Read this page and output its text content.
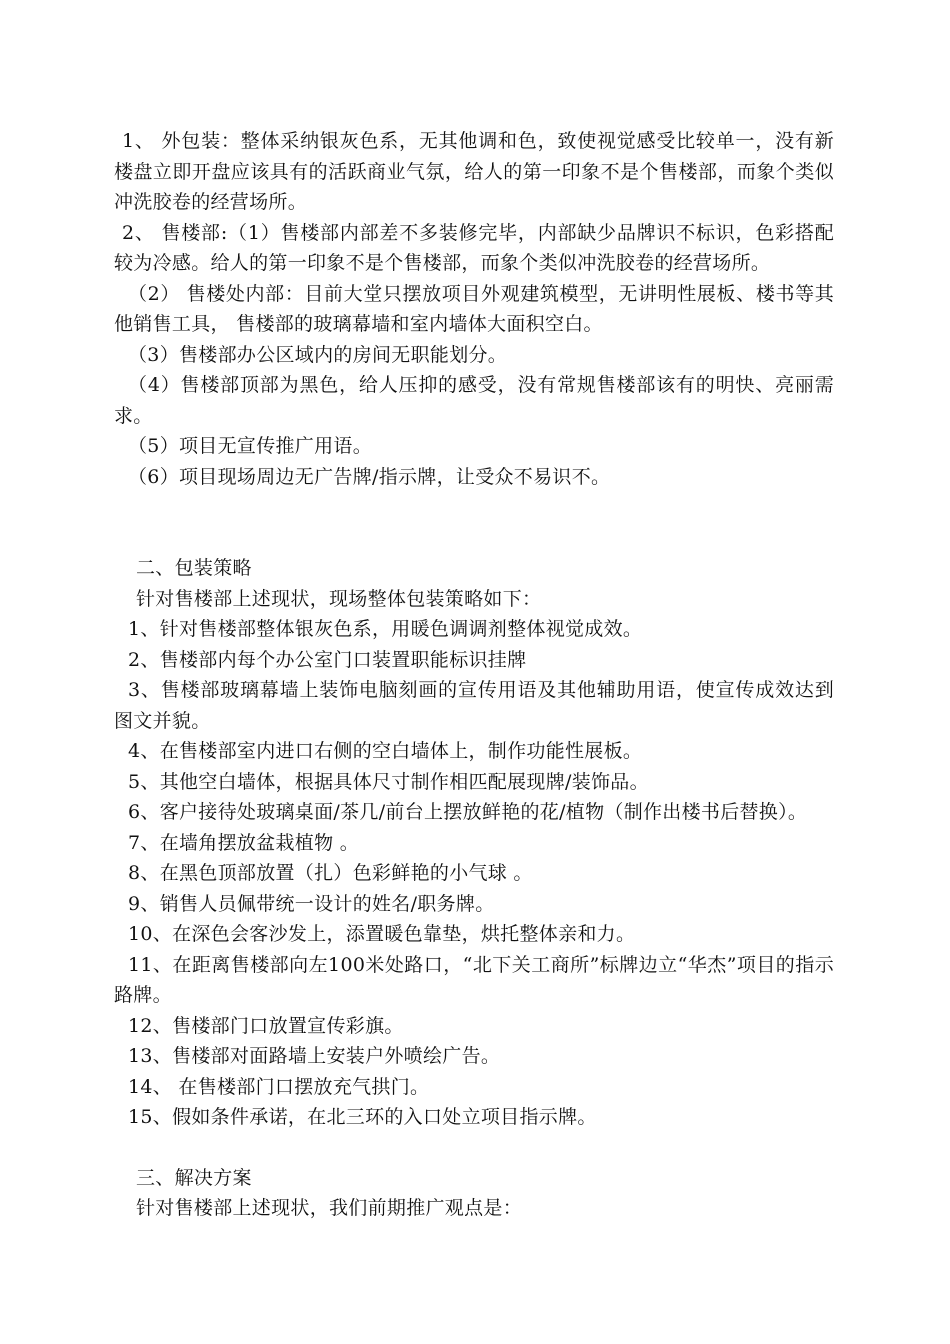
1、 外包装：整体采纳银灰色系，无其他调和色，致使视觉感受比较单一，没有新楼盘立即开盘应该具有的活跃商业气氛，给人的第一印象不是个售楼部，而象个类似冲洗胶卷的经营场所。

2、 售楼部:（1）售楼部内部差不多装修完毕，内部缺少品牌识不标识，色彩搭配较为冷感。给人的第一印象不是个售楼部，而象个类似冲洗胶卷的经营场所。

（2） 售楼处内部：目前大堂只摆放项目外观建筑模型，无讲明性展板、楼书等其他销售工具， 售楼部的玻璃幕墙和室内墙体大面积空白。

（3）售楼部办公区域内的房间无职能划分。

（4）售楼部顶部为黑色，给人压抑的感受，没有常规售楼部该有的明快、亮丽需求。

（5）项目无宣传推广用语。

（6）项目现场周边无广告牌/指示牌，让受众不易识不。

二、包装策略

针对售楼部上述现状，现场整体包装策略如下：

1、针对售楼部整体银灰色系，用暖色调调剂整体视觉成效。

2、售楼部内每个办公室门口装置职能标识挂牌

3、售楼部玻璃幕墙上装饰电脑刻画的宣传用语及其他辅助用语，使宣传成效达到图文并貌。

4、在售楼部室内进口右侧的空白墙体上，制作功能性展板。

5、其他空白墙体，根据具体尺寸制作相匹配展现牌/装饰品。

6、客户接待处玻璃桌面/茶几/前台上摆放鲜艳的花/植物（制作出楼书后替换）。

7、在墙角摆放盆栽植物 。

8、在黑色顶部放置（扎）色彩鲜艳的小气球 。

9、销售人员佩带统一设计的姓名/职务牌。

10、在深色会客沙发上，添置暖色靠垫，烘托整体亲和力。

11、在距离售楼部向左100米处路口，“北下关工商所”标牌边立“华杰”项目的指示路牌。

12、售楼部门口放置宣传彩旗。

13、售楼部对面路墙上安装户外喷绘广告。

14、 在售楼部门口摆放充气拱门。

15、假如条件承诺，在北三环的入口处立项目指示牌。

三、解决方案

针对售楼部上述现状，我们前期推广观点是：
